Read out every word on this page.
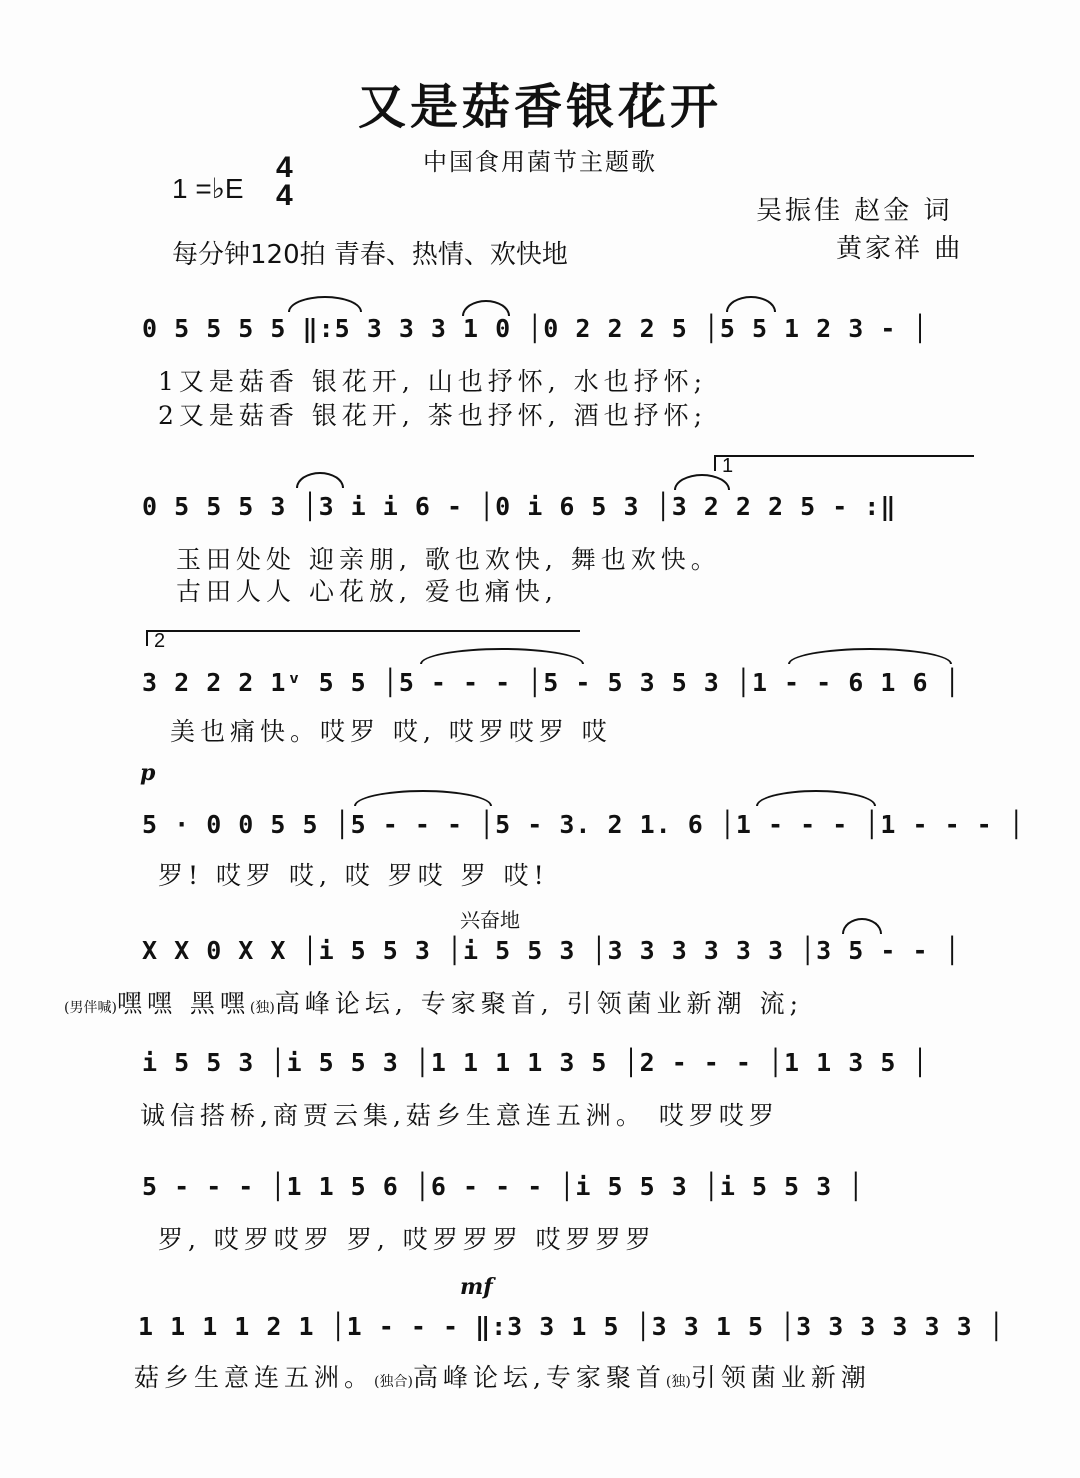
又是菇香银花开
中国食用菌节主题歌
1 =♭E
4
4	吴振佳 赵金 词
黄家祥 曲
每分钟120拍 青春、热情、欢快地
0 5 5 5 5 ‖:5 3 3 3 1 0 │0 2 2 2 5 │5 5 1 2 3 - │
1又是菇香 银花开, 山也抒怀, 水也抒怀;
2又是菇香 银花开, 茶也抒怀, 酒也抒怀;
1
0 5 5 5 3 │3 i i 6 - │0 i 6 5 3 │3 2 2 2 5 - :‖
玉田处处 迎亲朋, 歌也欢快, 舞也欢快。
古田人人 心花放, 爱也痛快,
2
3 2 2 2 1ᵛ 5 5 │5 - - - │5 - 5 3 5 3 │1 - - 6 1 6 │
美也痛快。哎罗 哎, 哎罗哎罗 哎
p
5 · 0 0 5 5 │5 - - - │5 - 3. 2 1. 6 │1 - - - │1 - - - │
罗! 哎罗 哎, 哎 罗哎 罗 哎!
兴奋地
X X 0 X X │i 5 5 3 │i 5 5 3 │3 3 3 3 3 3 │3 5 - - │
(男伴喊)嘿嘿 黑嘿(独)高峰论坛, 专家聚首, 引领菌业新潮 流;
i 5 5 3 │i 5 5 3 │1 1 1 1 3 5 │2 - - - │1 1 3 5 │
诚信搭桥,商贾云集,菇乡生意连五洲。 哎罗哎罗
5 - - - │1 1 5 6 │6 - - - │i 5 5 3 │i 5 5 3 │
罗, 哎罗哎罗 罗, 哎罗罗罗 哎罗罗罗
mf
1 1 1 1 2 1 │1 - - - ‖:3 3 1 5 │3 3 1 5 │3 3 3 3 3 3 │
菇乡生意连五洲。(独合)高峰论坛,专家聚首(独)引领菌业新潮
